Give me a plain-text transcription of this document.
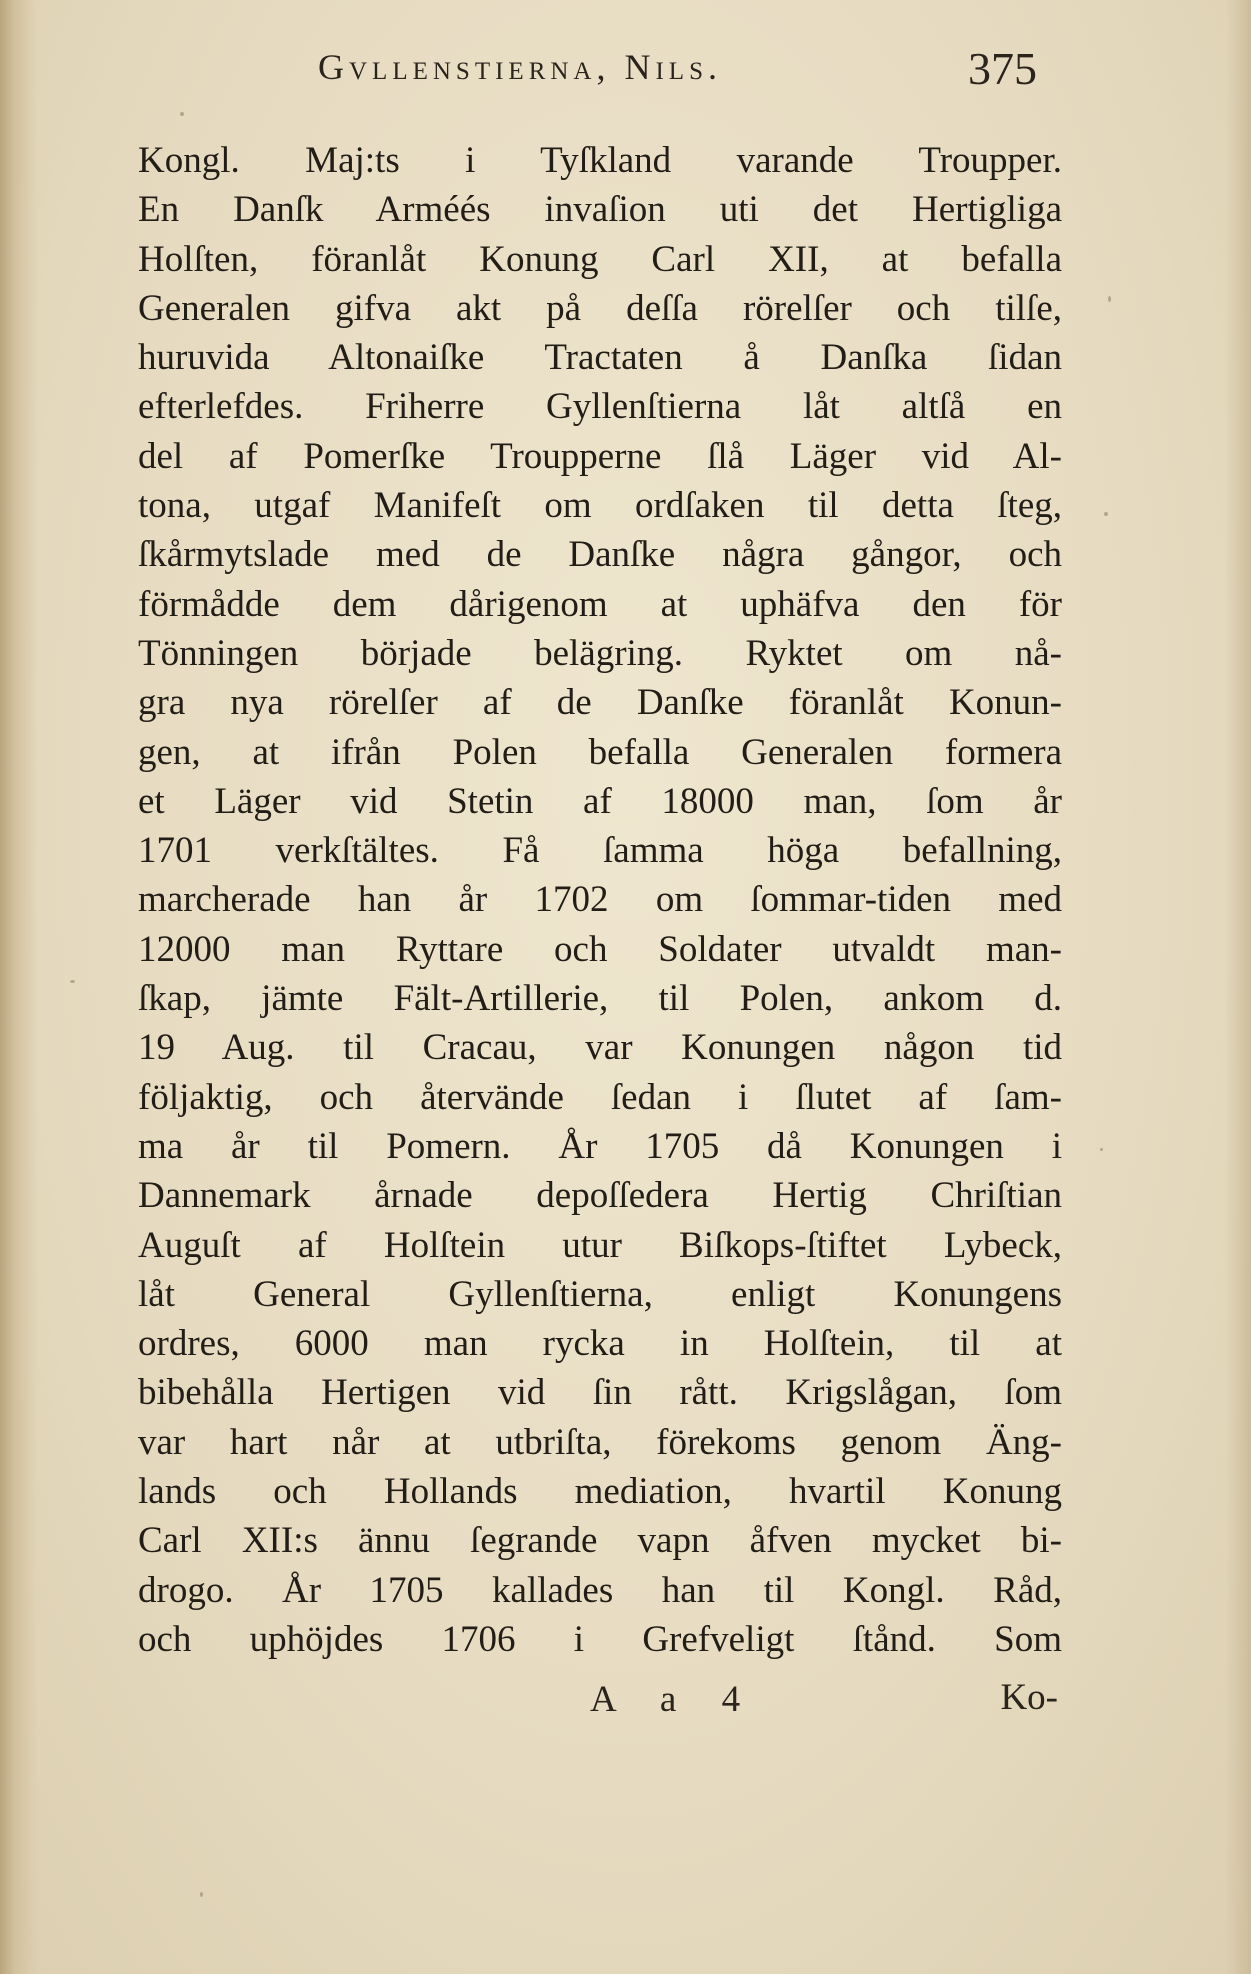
Gvllenstierna, Nils.	375
Kongl. Maj:ts i Tyſkland varande Troupper.
En Danſk Arméés invaſion uti det Hertigliga
Holſten, föranlåt Konung Carl XII, at befalla
Generalen gifva akt på deſſa rörelſer och tilſe,
huruvida Altonaiſke Tractaten å Danſka ſidan
efterlefdes. Friherre Gyllenſtierna låt altſå en
del af Pomerſke Troupperne ſlå Läger vid Al-
tona, utgaf Manifeſt om ordſaken til detta ſteg,
ſkårmytslade med de Danſke några gångor, och
förmådde dem dårigenom at uphäfva den för
Tönningen började belägring. Ryktet om nå-
gra nya rörelſer af de Danſke föranlåt Konun-
gen, at ifrån Polen befalla Generalen formera
et Läger vid Stetin af 18000 man, ſom år
1701 verkſtältes. Få ſamma höga befallning,
marcherade han år 1702 om ſommar-tiden med
12000 man Ryttare och Soldater utvaldt man-
ſkap, jämte Fält-Artillerie, til Polen, ankom d.
19 Aug. til Cracau, var Konungen någon tid
följaktig, och återvände ſedan i ſlutet af ſam-
ma år til Pomern. År 1705 då Konungen i
Dannemark årnade depoſſedera Hertig Chriſtian
Auguſt af Holſtein utur Biſkops-ſtiftet Lybeck,
låt General Gyllenſtierna, enligt Konungens
ordres, 6000 man rycka in Holſtein, til at
bibehålla Hertigen vid ſin rått. Krigslågan, ſom
var hart når at utbriſta, förekoms genom Äng-
lands och Hollands mediation, hvartil Konung
Carl XII:s ännu ſegrande vapn åfven mycket bi-
drogo. År 1705 kallades han til Kongl. Råd,
och uphöjdes 1706 i Grefveligt ſtånd. Som
A a 4	Ko-
